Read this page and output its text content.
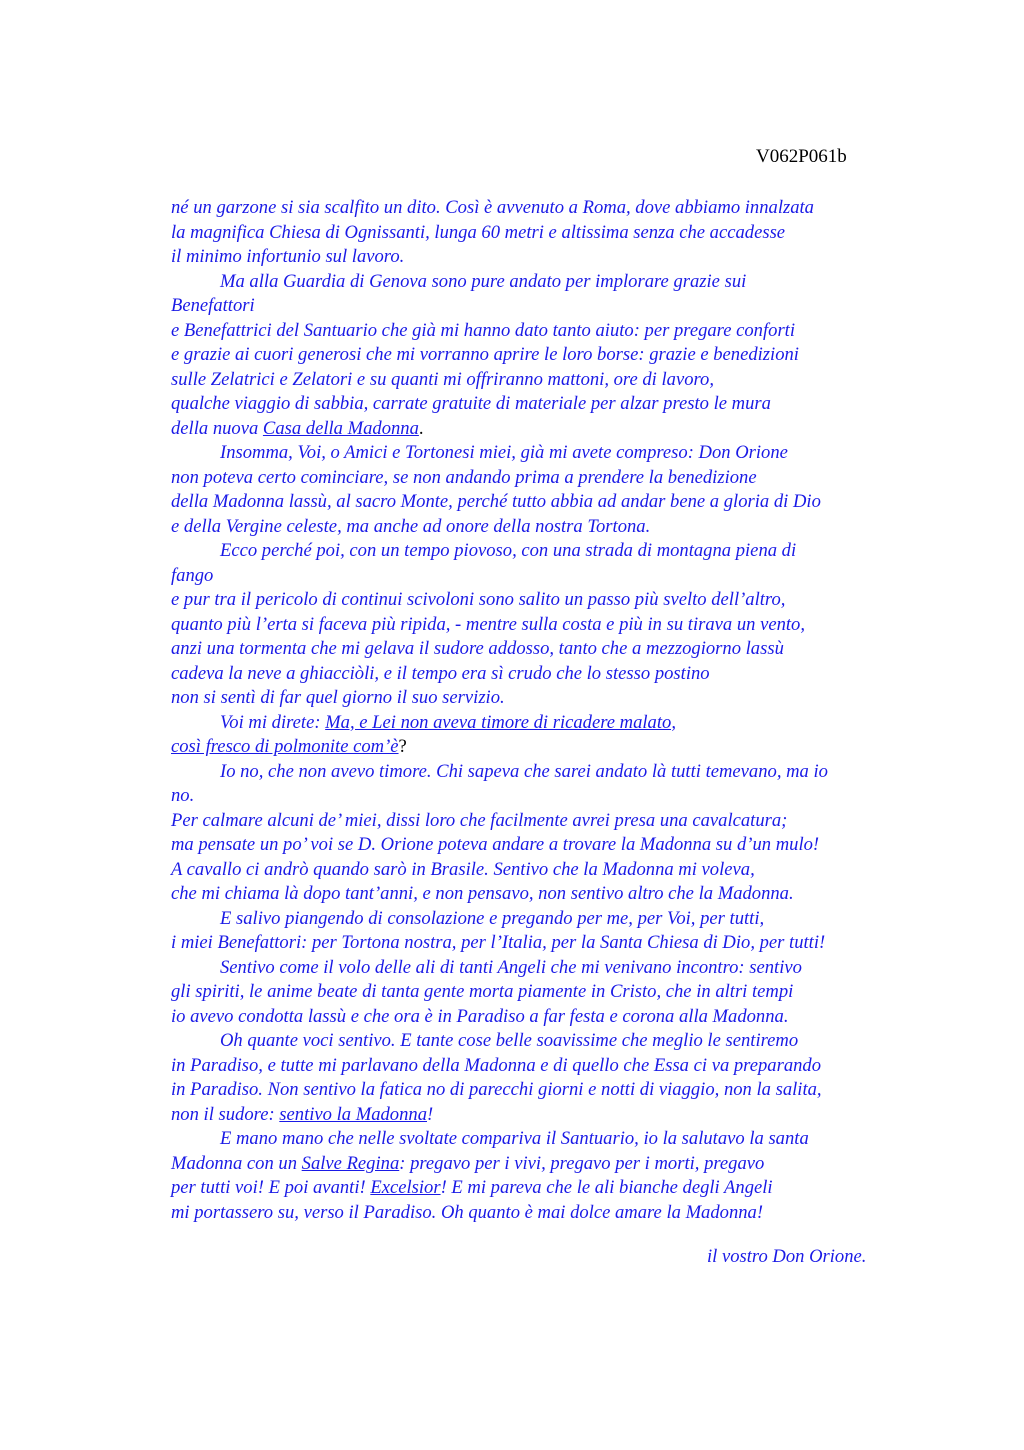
V062P061b
né un garzone si sia scalfito un dito. Così è avvenuto a Roma, dove abbiamo innalzata
la magnifica Chiesa di Ognissanti, lunga 60 metri e altissima senza che accadesse
il minimo infortunio sul lavoro.
Ma alla Guardia di Genova sono pure andato per implorare grazie sui
Benefattori
e Benefattrici del Santuario che già mi hanno dato tanto aiuto: per pregare conforti
e grazie ai cuori generosi che mi vorranno aprire le loro borse: grazie e benedizioni
sulle Zelatrici e Zelatori e su quanti mi offriranno mattoni, ore di lavoro,
qualche viaggio di sabbia, carrate gratuite di materiale per alzar presto le mura
della nuova Casa della Madonna.
Insomma, Voi, o Amici e Tortonesi miei, già mi avete compreso: Don Orione
non poteva certo cominciare, se non andando prima a prendere la benedizione
della Madonna lassù, al sacro Monte, perché tutto abbia ad andar bene a gloria di Dio
e della Vergine celeste, ma anche ad onore della nostra Tortona.
Ecco perché poi, con un tempo piovoso, con una strada di montagna piena di
fango
e pur tra il pericolo di continui scivoloni sono salito un passo più svelto dell’altro,
quanto più l’erta si faceva più ripida, - mentre sulla costa e più in su tirava un vento,
anzi una tormenta che mi gelava il sudore addosso, tanto che a mezzogiorno lassù
cadeva la neve a ghiacciòli, e il tempo era sì crudo che lo stesso postino
non si sentì di far quel giorno il suo servizio.
Voi mi direte: Ma, e Lei non aveva timore di ricadere malato,
così fresco di polmonite com’è?
Io no, che non avevo timore. Chi sapeva che sarei andato là tutti temevano, ma io
no.
Per calmare alcuni de’ miei, dissi loro che facilmente avrei presa una cavalcatura;
ma pensate un po’ voi se D. Orione poteva andare a trovare la Madonna su d’un mulo!
A cavallo ci andrò quando sarò in Brasile. Sentivo che la Madonna mi voleva,
che mi chiama là dopo tant’anni, e non pensavo, non sentivo altro che la Madonna.
E salivo piangendo di consolazione e pregando per me, per Voi, per tutti,
i miei Benefattori: per Tortona nostra, per l’Italia, per la Santa Chiesa di Dio, per tutti!
Sentivo come il volo delle ali di tanti Angeli che mi venivano incontro: sentivo
gli spiriti, le anime beate di tanta gente morta piamente in Cristo, che in altri tempi
io avevo condotta lassù e che ora è in Paradiso a far festa e corona alla Madonna.
Oh quante voci sentivo. E tante cose belle soavissime che meglio le sentiremo
in Paradiso, e tutte mi parlavano della Madonna e di quello che Essa ci va preparando
in Paradiso. Non sentivo la fatica no di parecchi giorni e notti di viaggio, non la salita,
non il sudore: sentivo la Madonna!
E mano mano che nelle svoltate compariva il Santuario, io la salutavo la santa
Madonna con un Salve Regina: pregavo per i vivi, pregavo per i morti, pregavo
per tutti voi! E poi avanti! Excelsior! E mi pareva che le ali bianche degli Angeli
mi portassero su, verso il Paradiso. Oh quanto è mai dolce amare la Madonna!
il vostro Don Orione.
